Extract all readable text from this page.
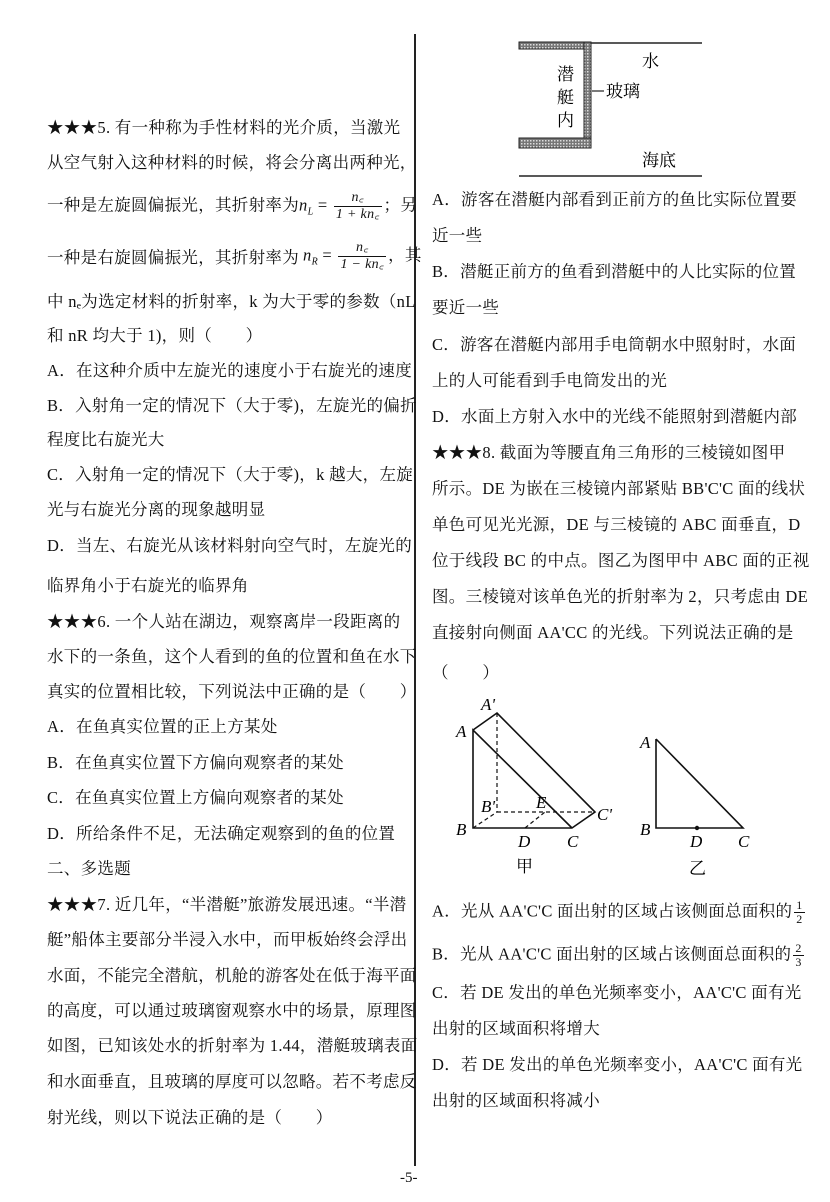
★★★5. 有一种称为手性材料的光介质，当激光
从空气射入这种材料的时候，将会分离出两种光，
一种是右旋圆偏振光，其折射率为
中 nₑ为选定材料的折射率，k 为大于零的参数（nL
和 nR 均大于 1)，则（　　）
A．在这种介质中左旋光的速度小于右旋光的速度
B．入射角一定的情况下（大于零)，左旋光的偏折
程度比右旋光大
C．入射角一定的情况下（大于零)，k 越大，左旋
光与右旋光分离的现象越明显
D．当左、右旋光从该材料射向空气时，左旋光的
临界角小于右旋光的临界角
★★★6. 一个人站在湖边，观察离岸一段距离的
水下的一条鱼，这个人看到的鱼的位置和鱼在水下
真实的位置相比较，下列说法中正确的是（　　）
A．在鱼真实位置的正上方某处
B．在鱼真实位置下方偏向观察者的某处
C．在鱼真实位置上方偏向观察者的某处
D．所给条件不足，无法确定观察到的鱼的位置
二、多选题
★★★7. 近几年，“半潜艇”旅游发展迅速。“半潜
艇”船体主要部分半浸入水中，而甲板始终会浮出
水面，不能完全潜航，机舱的游客处在低于海平面
的高度，可以通过玻璃窗观察水中的场景，原理图
如图，已知该处水的折射率为 1.44，潜艇玻璃表面
和水面垂直，且玻璃的厚度可以忽略。若不考虑反
射光线，则以下说法正确的是（　　）
一种是左旋圆偏振光，其折射率为$n_L = \frac{n꜀}{1 + kn꜀}$ ；另
$n_R = \frac{n꜀}{1 - kn꜀}$ ，其
水
玻璃
潜
艇
内
海底
A．游客在潜艇内部看到正前方的鱼比实际位置要
近一些
B．潜艇正前方的鱼看到潜艇中的人比实际的位置
要近一些
C．游客在潜艇内部用手电筒朝水中照射时，水面
上的人可能看到手电筒发出的光
D．水面上方射入水中的光线不能照射到潜艇内部
★★★8. 截面为等腰直角三角形的三棱镜如图甲
所示。DE 为嵌在三棱镜内部紧贴 BB'C'C 面的线状
单色可见光光源，DE 与三棱镜的 ABC 面垂直，D
位于线段 BC 的中点。图乙为图甲中 ABC 面的正视
图。三棱镜对该单色光的折射率为 2，只考虑由 DE
直接射向侧面 AA'CC 的光线。下列说法正确的是
（　　）
C．若 DE 发出的单色光频率变小，AA'C'C 面有光
出射的区域面积将增大
D．若 DE 发出的单色光频率变小，AA'C'C 面有光
出射的区域面积将减小
A'
A
B'
B
E
C'
C
D
A
B
D C
甲	乙
A．光从 AA'C'C 面出射的区域占该侧面总面积的 $\frac{1}{2}$
B．光从 AA'C'C 面出射的区域占该侧面总面积的 $\frac{2}{3}$
-5-
